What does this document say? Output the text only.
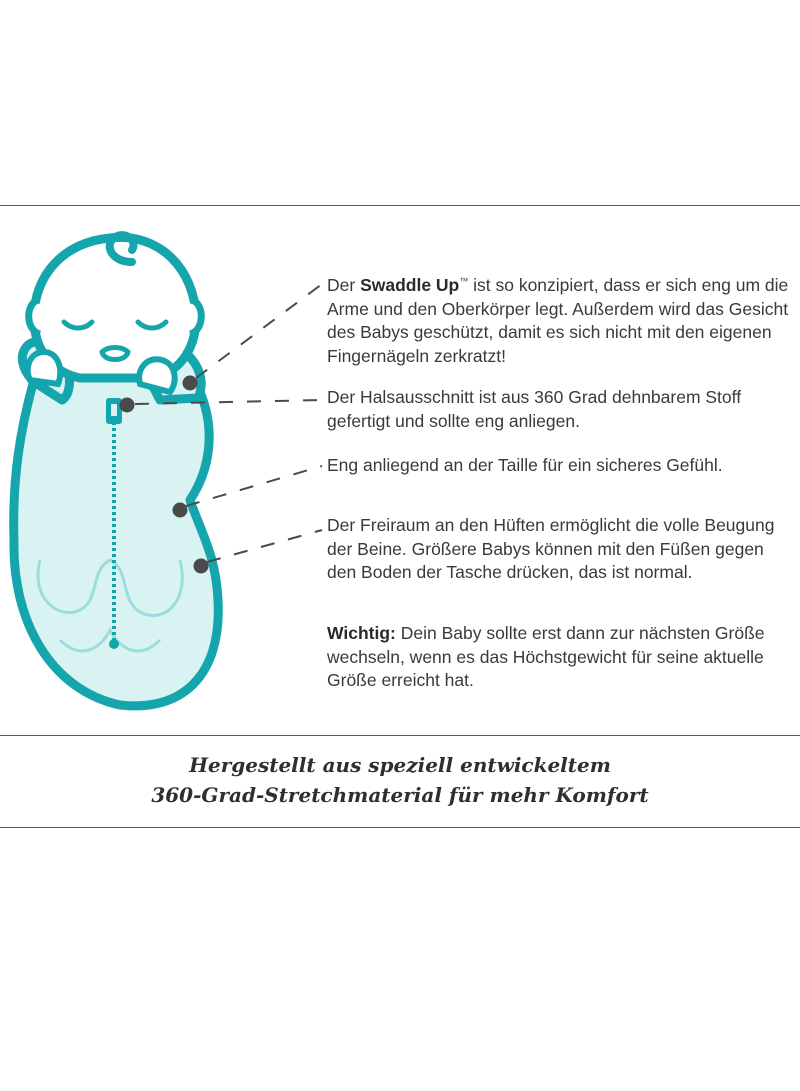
Der Swaddle Up™ ist so konzipiert, dass er sich eng um die Arme und den Oberkörper legt. Außerdem wird das Gesicht des Babys geschützt, damit es sich nicht mit den eigenen Fingernägeln zerkratzt!

Der Halsausschnitt ist aus 360 Grad dehnbarem Stoff gefertigt und sollte eng anliegen.

Eng anliegend an der Taille für ein sicheres Gefühl.

Der Freiraum an den Hüften ermöglicht die volle Beugung der Beine. Größere Babys können mit den Füßen gegen den Boden der Tasche drücken, das ist normal.

Wichtig: Dein Baby sollte erst dann zur nächsten Größe wechseln, wenn es das Höchstgewicht für seine aktuelle Größe erreicht hat.

Hergestellt aus speziell entwickeltem
360-Grad-Stretchmaterial für mehr Komfort
